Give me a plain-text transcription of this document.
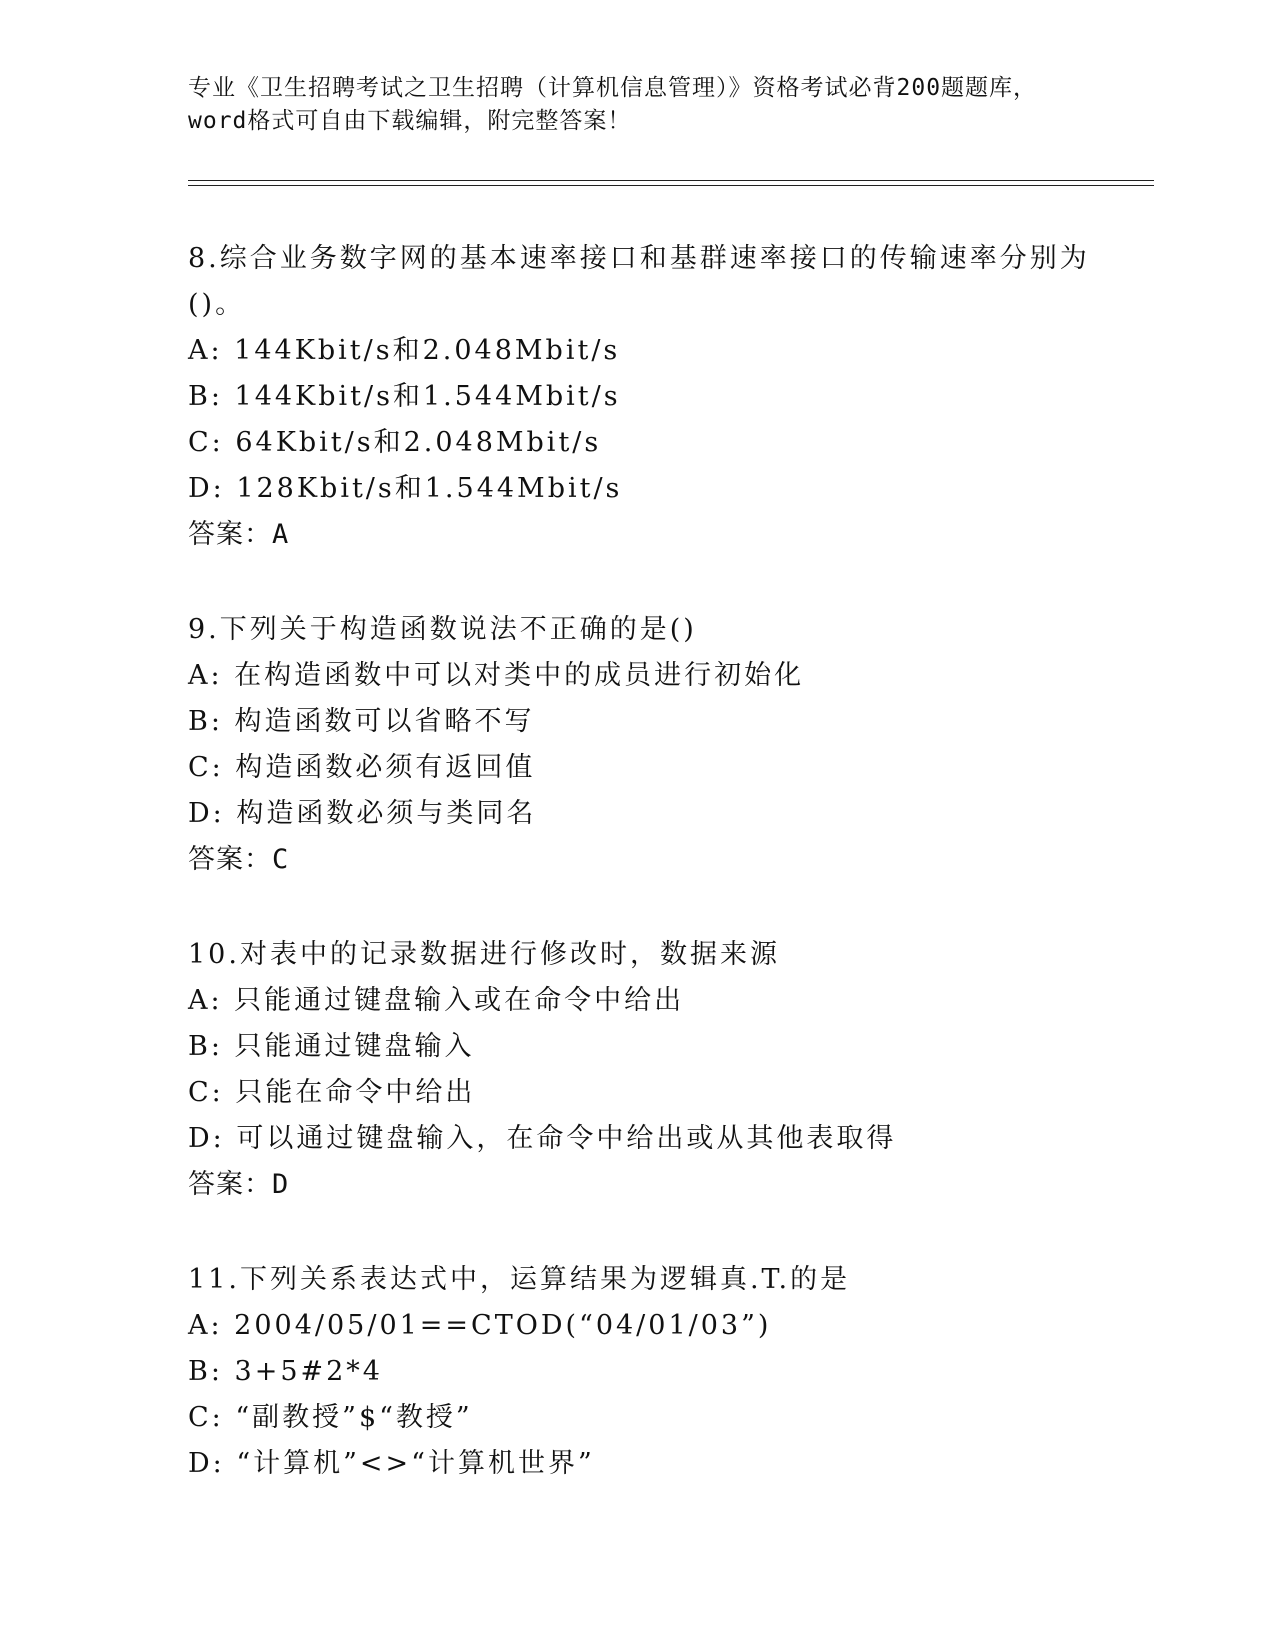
专业《卫生招聘考试之卫生招聘（计算机信息管理）》资格考试必背200题题库，
word格式可自由下载编辑，附完整答案！
8.综合业务数字网的基本速率接口和基群速率接口的传输速率分别为
()。
A: 144Kbit/s和2.048Mbit/s
B: 144Kbit/s和1.544Mbit/s
C: 64Kbit/s和2.048Mbit/s
D: 128Kbit/s和1.544Mbit/s
答案：A
9.下列关于构造函数说法不正确的是()
A: 在构造函数中可以对类中的成员进行初始化
B: 构造函数可以省略不写
C: 构造函数必须有返回值
D: 构造函数必须与类同名
答案：C
10.对表中的记录数据进行修改时，数据来源
A: 只能通过键盘输入或在命令中给出
B: 只能通过键盘输入
C: 只能在命令中给出
D: 可以通过键盘输入，在命令中给出或从其他表取得
答案：D
11.下列关系表达式中，运算结果为逻辑真.T.的是
A: 2004/05/01==CTOD(“04/01/03”)
B: 3+5#2*4
C: “副教授”$“教授”
D: “计算机”<>“计算机世界”
